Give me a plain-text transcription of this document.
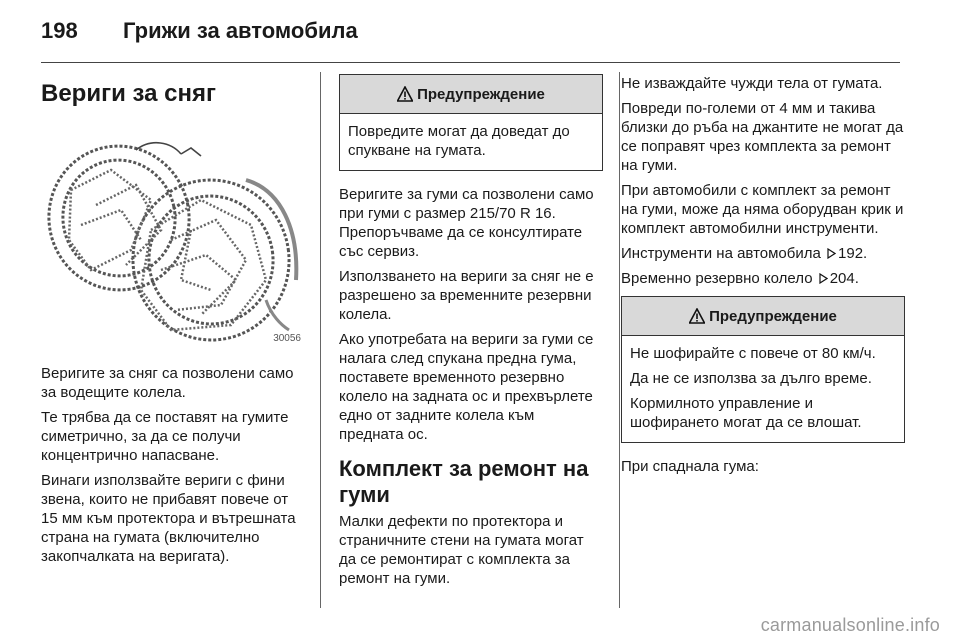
198 Грижи за автомобила
Вериги за сняг
30056

Веригите за сняг са позволени само за водещите колела.

Те трябва да се поставят на гумите симетрично, за да се получи концентрично напасване.

Винаги използвайте вериги с фини звена, които не прибавят повече от 15 мм към протектора и вътрешната страна на гумата (включително закопчалката на веригата).

Предупреждение

Повредите могат да доведат до спукване на гумата.

Веригите за гуми са позволени само при гуми с размер 215/70 R 16. Препоръчваме да се консултирате със сервиз.

Използването на вериги за сняг не е разрешено за временните резервни колела.

Ако употребата на вериги за гуми се налага след спукана предна гума, поставете временното резервно колело на задната ос и прехвърлете едно от задните колела към предната ос.

Комплект за ремонт на гуми

Малки дефекти по протектора и страничните стени на гумата могат да се ремонтират с комплекта за ремонт на гуми.

Не изваждайте чужди тела от гумата.

Повреди по-големи от 4 мм и такива близки до ръба на джантите не могат да се поправят чрез комплекта за ремонт на гуми.

При автомобили с комплект за ремонт на гуми, може да няма оборудван крик и комплект автомобилни инструменти.

Инструменти на автомобила 192.

Временно резервно колело 204.

Предупреждение

Не шофирайте с повече от 80 км/ч.

Да не се използва за дълго време.

Кормилното управление и шофирането могат да се влошат.

При спаднала гума:

carmanualsonline.info
